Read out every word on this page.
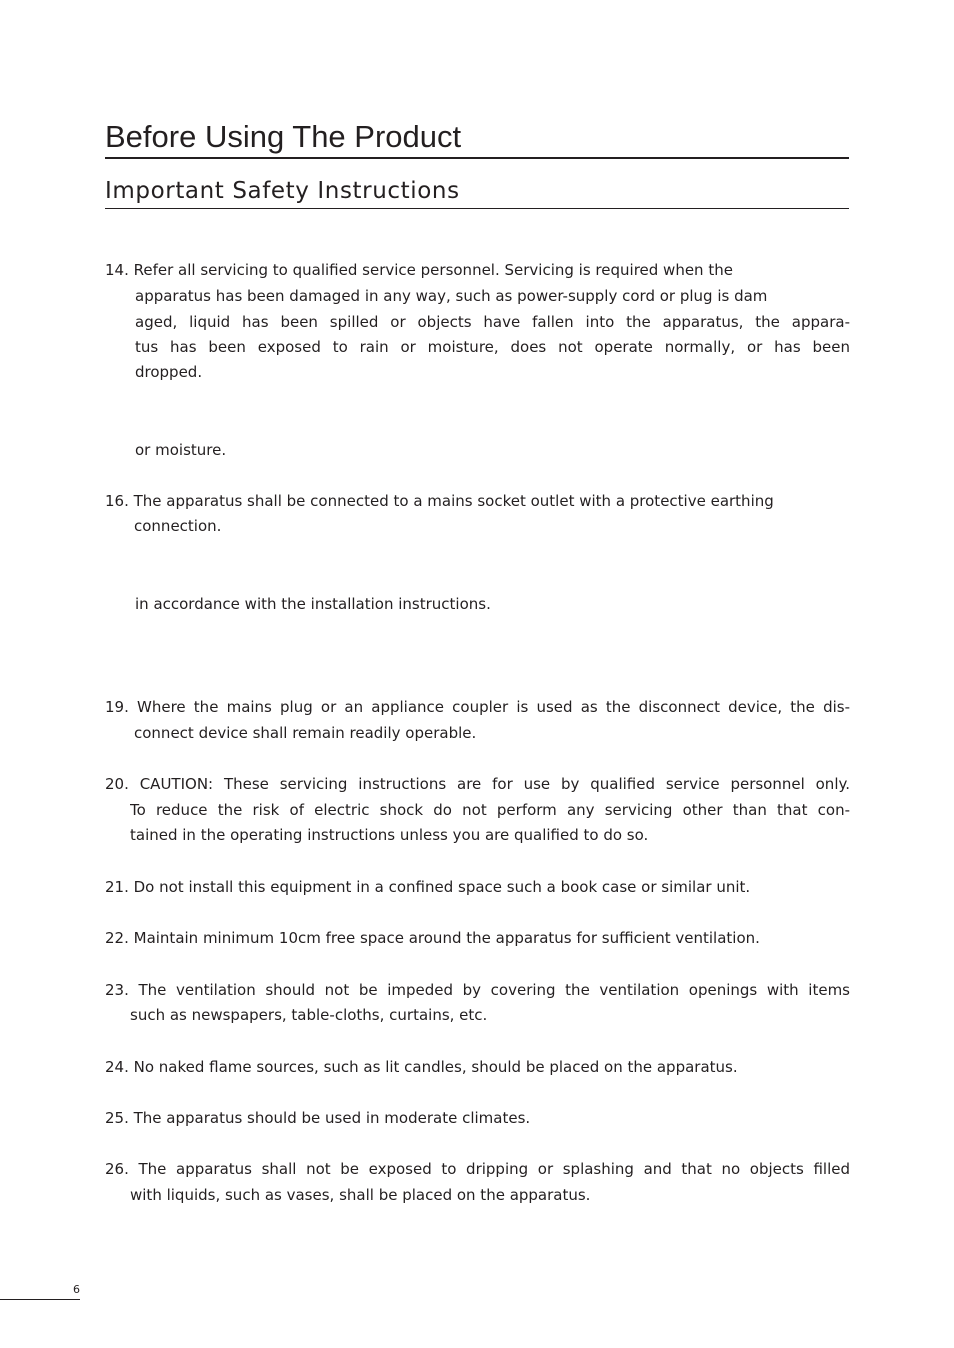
Before Using The Product
Important Safety Instructions
14. Refer all servicing to qualified service personnel. Servicing is required when the
apparatus has been damaged in any way, such as power-supply cord or plug is dam
aged, liquid has been spilled or objects have fallen into the apparatus, the appara-
tus has been exposed to rain or moisture, does not operate normally, or has been
dropped.
or moisture.
16. The apparatus shall be connected to a mains socket outlet with a protective earthing
connection.
in accordance with the installation instructions.
19. Where the mains plug or an appliance coupler is used as the disconnect device, the dis-
connect device shall remain readily operable.
20. CAUTION: These servicing instructions are for use by qualified service personnel only.
To reduce the risk of electric shock do not perform any servicing other than that con-
tained in the operating instructions unless you are qualified to do so.
21. Do not install this equipment in a confined space such a book case or similar unit.
22. Maintain minimum 10cm free space around the apparatus for sufficient ventilation.
23. The ventilation should not be impeded by covering the ventilation openings with items
such as newspapers, table-cloths, curtains, etc.
24. No naked flame sources, such as lit candles, should be placed on the apparatus.
25. The apparatus should be used in moderate climates.
26. The apparatus shall not be exposed to dripping or splashing and that no objects filled
with liquids, such as vases, shall be placed on the apparatus.
6
